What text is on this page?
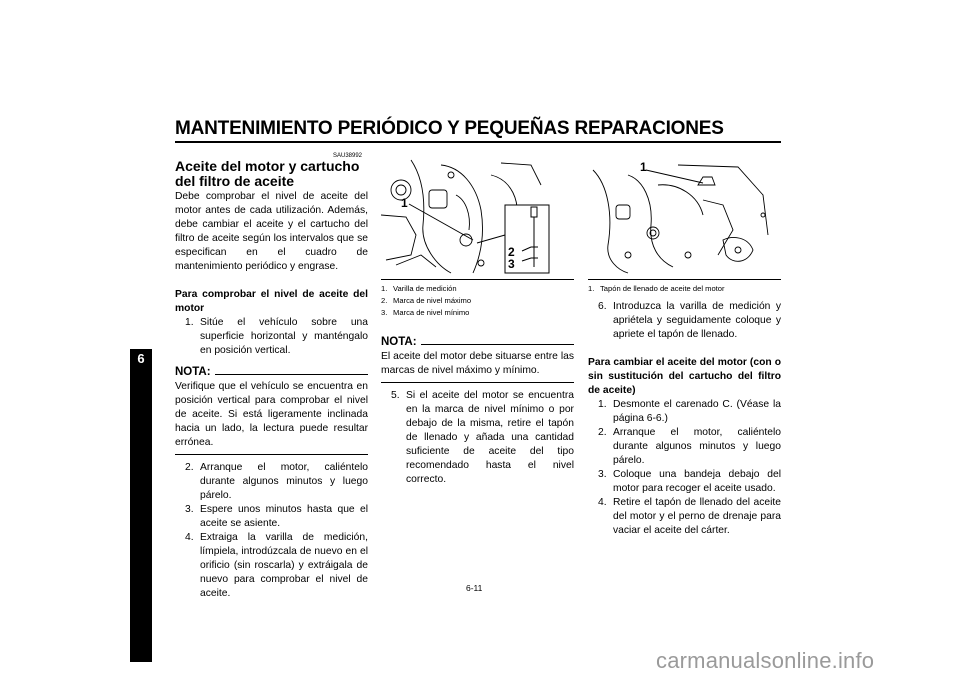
MANTENIMIENTO PERIÓDICO Y PEQUEÑAS REPARACIONES
6
SAU38992
Aceite del motor y cartucho del filtro de aceite
Debe comprobar el nivel de aceite del motor antes de cada utilización. Además, debe cambiar el aceite y el cartucho del filtro de aceite según los intervalos que se especifican en el cuadro de mantenimiento periódico y engrase.
Para comprobar el nivel de aceite del motor
1. Sitúe el vehículo sobre una superficie horizontal y manténgalo en posición vertical.
NOTA:
Verifique que el vehículo se encuentra en posición vertical para comprobar el nivel de aceite. Si está ligeramente inclinada hacia un lado, la lectura puede resultar errónea.
2. Arranque el motor, caliéntelo durante algunos minutos y luego párelo.
3. Espere unos minutos hasta que el aceite se asiente.
4. Extraiga la varilla de medición, límpiela, introdúzcala de nuevo en el orificio (sin roscarla) y extráigala de nuevo para comprobar el nivel de aceite.
1
2
3
1. Varilla de medición
2. Marca de nivel máximo
3. Marca de nivel mínimo
NOTA:
El aceite del motor debe situarse entre las marcas de nivel máximo y mínimo.
5. Si el aceite del motor se encuentra en la marca de nivel mínimo o por debajo de la misma, retire el tapón de llenado y añada una cantidad suficiente de aceite del tipo recomendado hasta el nivel correcto.
1
1. Tapón de llenado de aceite del motor
6. Introduzca la varilla de medición y apriétela y seguidamente coloque y apriete el tapón de llenado.
Para cambiar el aceite del motor (con o sin sustitución del cartucho del filtro de aceite)
1. Desmonte el carenado C. (Véase la página 6-6.)
2. Arranque el motor, caliéntelo durante algunos minutos y luego párelo.
3. Coloque una bandeja debajo del motor para recoger el aceite usado.
4. Retire el tapón de llenado del aceite del motor y el perno de drenaje para vaciar el aceite del cárter.
6-11
carmanualsonline.info
